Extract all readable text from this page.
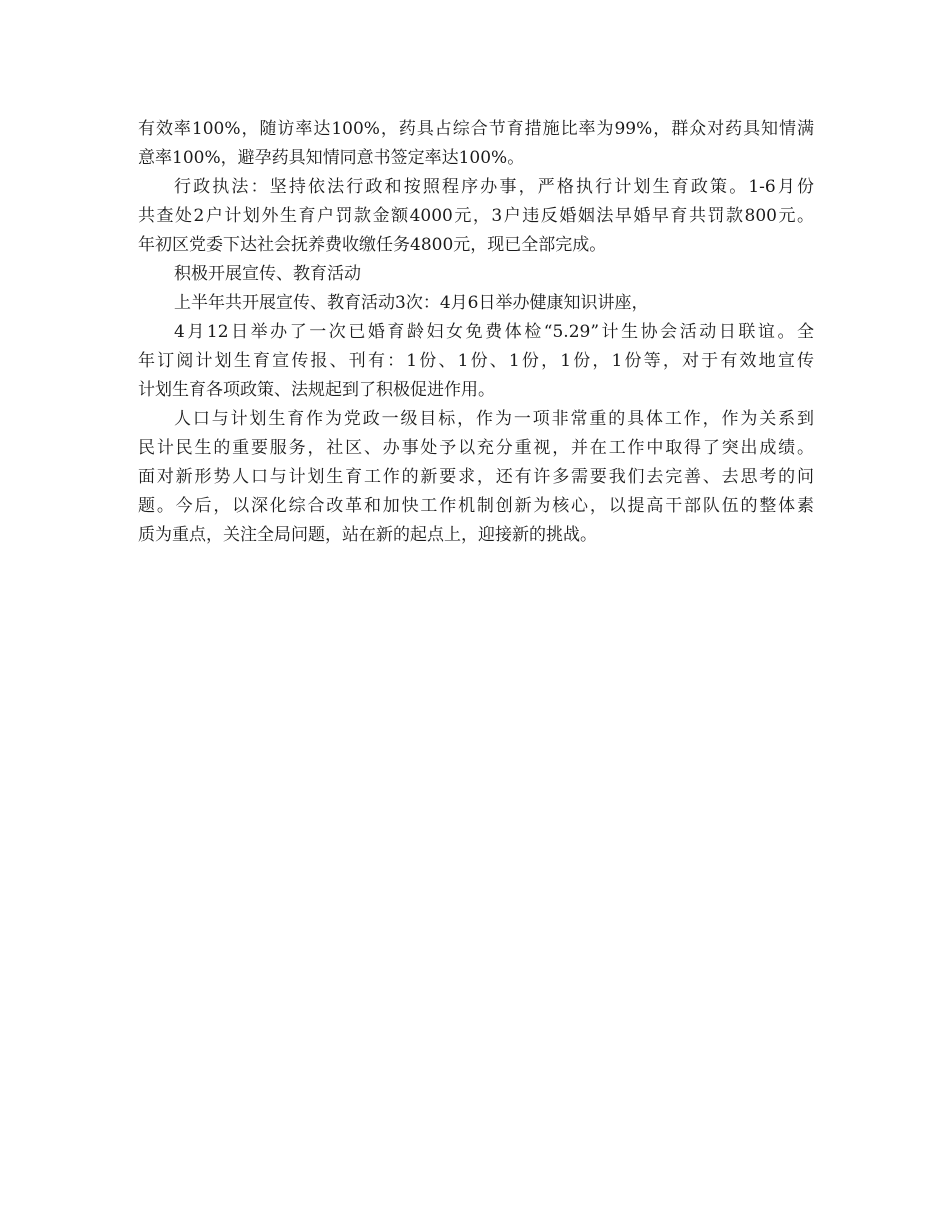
有效率100%，随访率达100%，药具占综合节育措施比率为99%，群众对药具知情满
意率100%，避孕药具知情同意书签定率达100%。
行政执法：坚持依法行政和按照程序办事，严格执行计划生育政策。1-6月份
共查处2户计划外生育户罚款金额4000元，3户违反婚姻法早婚早育共罚款800元。
年初区党委下达社会抚养费收缴任务4800元，现已全部完成。
积极开展宣传、教育活动
上半年共开展宣传、教育活动3次：4月6日举办健康知识讲座，
4月12日举办了一次已婚育龄妇女免费体检“5.29”计生协会活动日联谊。全
年订阅计划生育宣传报、刊有：1份、1份、1份，1份，1份等，对于有效地宣传
计划生育各项政策、法规起到了积极促进作用。
人口与计划生育作为党政一级目标，作为一项非常重的具体工作，作为关系到
民计民生的重要服务，社区、办事处予以充分重视，并在工作中取得了突出成绩。
面对新形势人口与计划生育工作的新要求，还有许多需要我们去完善、去思考的问
题。今后，以深化综合改革和加快工作机制创新为核心，以提高干部队伍的整体素
质为重点，关注全局问题，站在新的起点上，迎接新的挑战。
